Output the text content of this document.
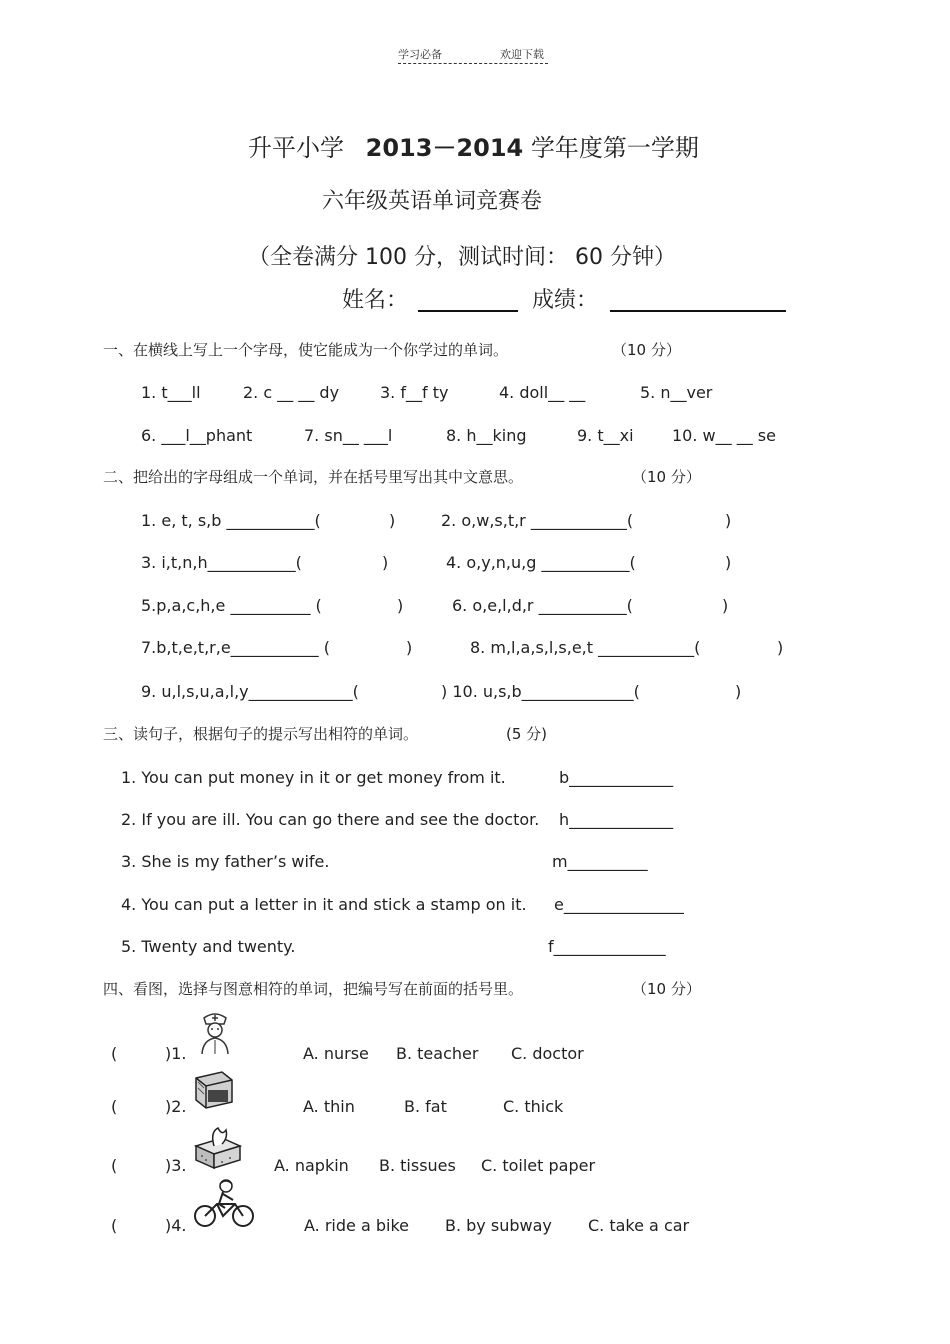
学习必备	欢迎下载
升平小学 2013－2014 学年度第一学期
六年级英语单词竞赛卷
（全卷满分 100 分，测试时间： 60 分钟）
姓名：	成绩：
一、在横线上写上一个字母，使它能成为一个你学过的单词。	（10 分）
1. t___ll	2. c __ __ dy	3. f__f ty	4. doll__ __	5. n__ver
6. ___l__phant	7. sn__ ___l	8. h__king	9. t__xi 10. w__ __ se
二、把给出的字母组成一个单词，并在括号里写出其中文意思。	（10 分）
1. e, t, s,b ___________(	)	2. o,w,s,t,r ____________(	)
3. i,t,n,h___________(	)	4. o,y,n,u,g ___________(	)
5.p,a,c,h,e __________ (	)	6. o,e,l,d,r ___________(	)
7.b,t,e,t,r,e___________ (	)	8. m,l,a,s,l,s,e,t ____________(	)
9. u,l,s,u,a,l,y_____________(	) 10. u,s,b______________(	)
三、读句子，根据句子的提示写出相符的单词。	(5 分)
1. You can put money in it or get money from it.	b_____________
2. If you are ill. You can go there and see the doctor. h_____________
3. She is my father’s wife.	m__________
4. You can put a letter in it and stick a stamp on it. e_______________
5. Twenty and twenty.	f______________
四、看图，选择与图意相符的单词，把编号写在前面的括号里。	（10 分）
(	)1.	A. nurse B. teacher C. doctor
(	)2.	A. thin	B. fat	C. thick
(	)3.	A. napkin B. tissues C. toilet paper
(	)4.	A. ride a bike B. by subway C. take a car
